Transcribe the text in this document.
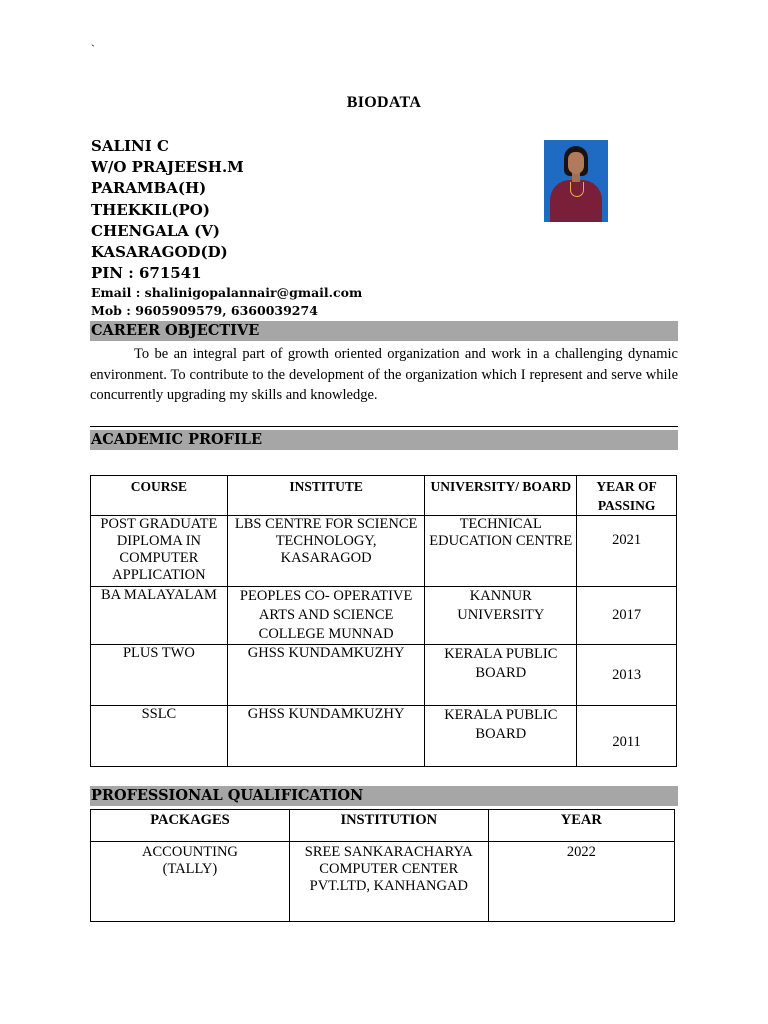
`
BIODATA
SALINI C
W/O PRAJEESH.M
PARAMBA(H)
THEKKIL(PO)
CHENGALA (V)
KASARAGOD(D)
PIN : 671541
Email : shalinigopalannair@gmail.com
Mob : 9605909579, 6360039274
CAREER OBJECTIVE
To be an integral part of growth oriented organization and work in a challenging dynamic environment. To contribute to the development of the organization which I represent and serve while concurrently upgrading my skills and knowledge.
ACADEMIC PROFILE
COURSE	INSTITUTE	UNIVERSITY/ BOARD	YEAR OF PASSING
POST GRADUATE DIPLOMA IN COMPUTER APPLICATION	LBS CENTRE FOR SCIENCE TECHNOLOGY, KASARAGOD	TECHNICAL EDUCATION CENTRE	2021
BA MALAYALAM	PEOPLES CO- OPERATIVE ARTS AND SCIENCE COLLEGE MUNNAD	KANNUR UNIVERSITY	2017
PLUS TWO	GHSS KUNDAMKUZHY	KERALA PUBLIC BOARD	2013
SSLC	GHSS KUNDAMKUZHY	KERALA PUBLIC BOARD	2011
PROFESSIONAL QUALIFICATION
PACKAGES	INSTITUTION	YEAR
ACCOUNTING (TALLY)	SREE SANKARACHARYA COMPUTER CENTER PVT.LTD, KANHANGAD	2022
